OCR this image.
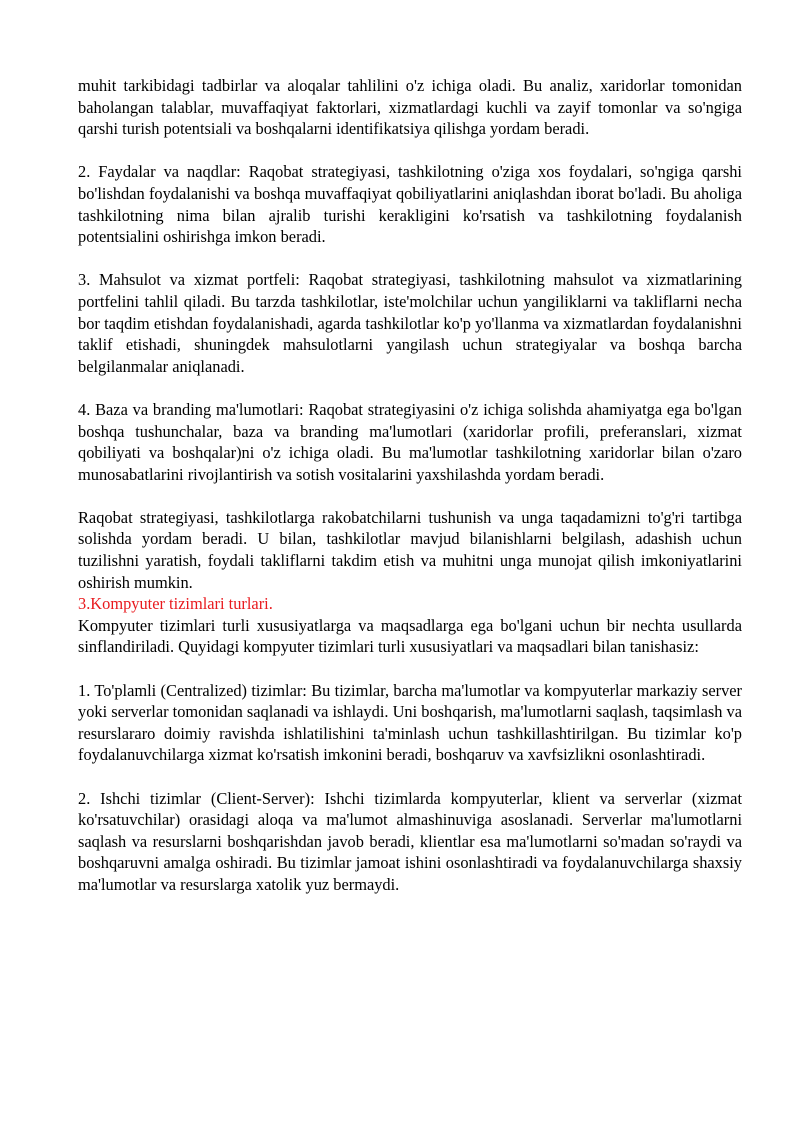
muhit tarkibidagi tadbirlar va aloqalar tahlilini o'z ichiga oladi. Bu analiz, xaridorlar tomonidan baholangan talablar, muvaffaqiyat faktorlari, xizmatlardagi kuchli va zayif tomonlar va so'ngiga qarshi turish potentsiali va boshqalarni identifikatsiya qilishga yordam beradi.

2. Faydalar va naqdlar: Raqobat strategiyasi, tashkilotning o'ziga xos foydalari, so'ngiga qarshi bo'lishdan foydalanishi va boshqa muvaffaqiyat qobiliyatlarini aniqlashdan iborat bo'ladi. Bu aholiga tashkilotning nima bilan ajralib turishi kerakligini ko'rsatish va tashkilotning foydalanish potentsialini oshirishga imkon beradi.

3. Mahsulot va xizmat portfeli: Raqobat strategiyasi, tashkilotning mahsulot va xizmatlarining portfelini tahlil qiladi. Bu tarzda tashkilotlar, iste'molchilar uchun yangiliklarni va takliflarni necha bor taqdim etishdan foydalanishadi, agarda tashkilotlar ko'p yo'llanma va xizmatlardan foydalanishni taklif etishadi, shuningdek mahsulotlarni yangilash uchun strategiyalar va boshqa barcha belgilanmalar aniqlanadi.

4. Baza va branding ma'lumotlari: Raqobat strategiyasini o'z ichiga solishda ahamiyatga ega bo'lgan boshqa tushunchalar, baza va branding ma'lumotlari (xaridorlar profili, preferanslari, xizmat qobiliyati va boshqalar)ni o'z ichiga oladi. Bu ma'lumotlar tashkilotning xaridorlar bilan o'zaro munosabatlarini rivojlantirish va sotish vositalarini yaxshilashda yordam beradi.

Raqobat strategiyasi, tashkilotlarga rakobatchilarni tushunish va unga taqadamizni to'g'ri tartibga solishda yordam beradi. U bilan, tashkilotlar mavjud bilanishlarni belgilash, adashish uchun tuzilishni yaratish, foydali takliflarni takdim etish va muhitni unga munojat qilish imkoniyatlarini oshirish mumkin.

3.Kompyuter tizimlari turlari.

Kompyuter tizimlari turli xususiyatlarga va maqsadlarga ega bo'lgani uchun bir nechta usullarda sinflandiriladi. Quyidagi kompyuter tizimlari turli xususiyatlari va maqsadlari bilan tanishasiz:

1. To'plamli (Centralized) tizimlar: Bu tizimlar, barcha ma'lumotlar va kompyuterlar markaziy server yoki serverlar tomonidan saqlanadi va ishlaydi. Uni boshqarish, ma'lumotlarni saqlash, taqsimlash va resurslararo doimiy ravishda ishlatilishini ta'minlash uchun tashkillashtirilgan. Bu tizimlar ko'p foydalanuvchilarga xizmat ko'rsatish imkonini beradi, boshqaruv va xavfsizlikni osonlashtiradi.

2. Ishchi tizimlar (Client-Server): Ishchi tizimlarda kompyuterlar, klient va serverlar (xizmat ko'rsatuvchilar) orasidagi aloqa va ma'lumot almashinuviga asoslanadi. Serverlar ma'lumotlarni saqlash va resurslarni boshqarishdan javob beradi, klientlar esa ma'lumotlarni so'madan so'raydi va boshqaruvni amalga oshiradi. Bu tizimlar jamoat ishini osonlashtiradi va foydalanuvchilarga shaxsiy ma'lumotlar va resurslarga xatolik yuz bermaydi.
